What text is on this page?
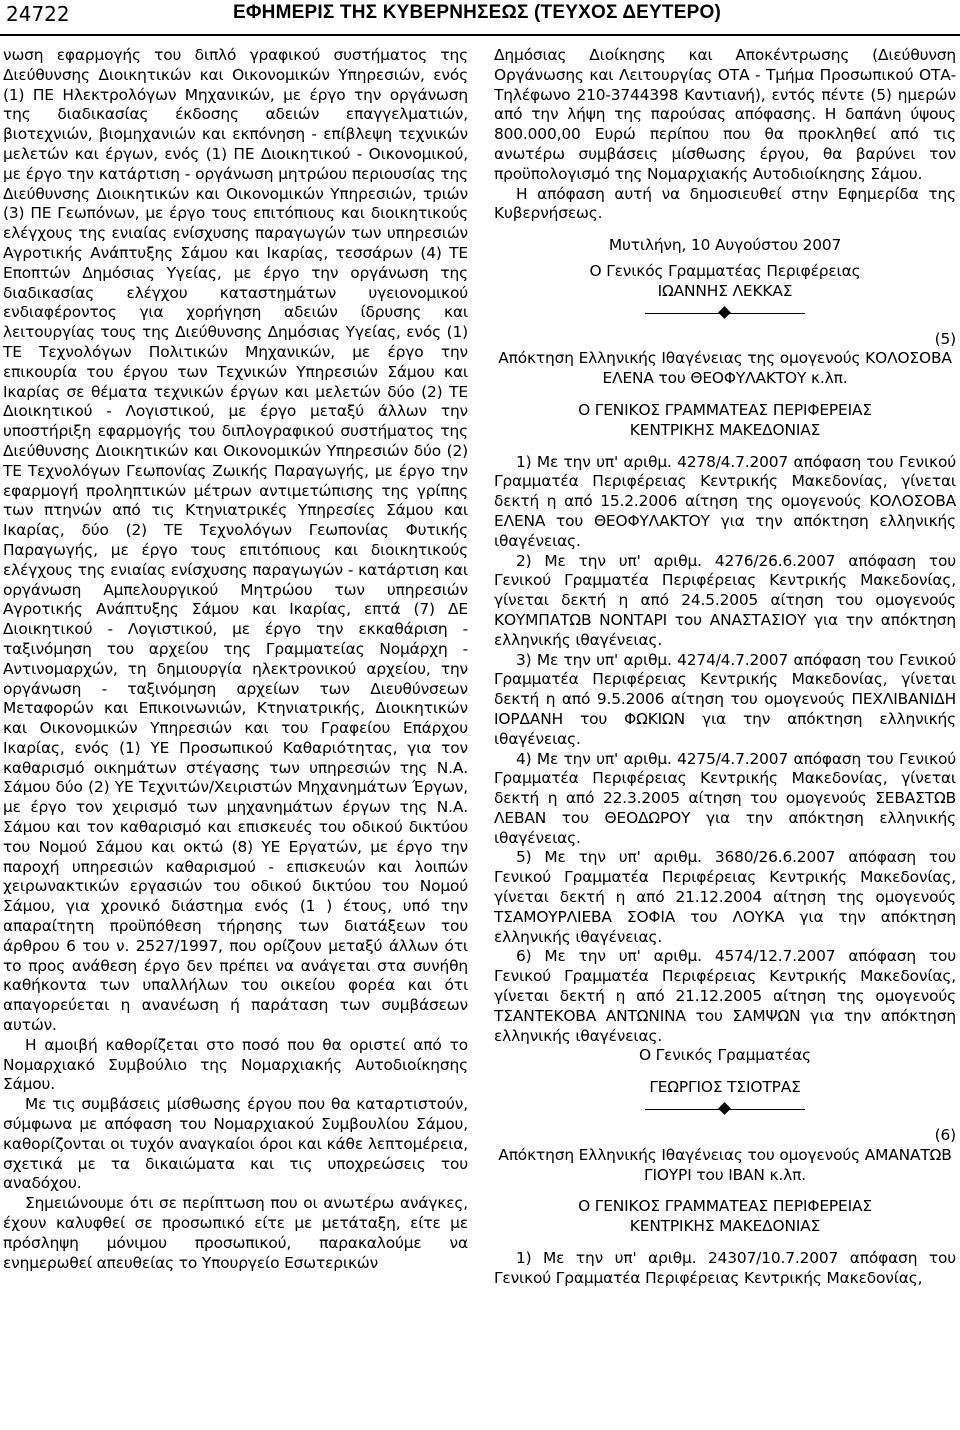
24722	ΕΦΗΜΕΡΙΣ ΤΗΣ ΚΥΒΕΡΝΗΣΕΩΣ (ΤΕΥΧΟΣ ΔΕΥΤΕΡΟ)

νωση εφαρμογής του διπλό γραφικού συστήματος της Διεύθυνσης Διοικητικών και Οικονομικών Υπηρεσιών, ενός (1) ΠΕ Ηλεκτρολόγων Μηχανικών, με έργο την οργάνωση της διαδικασίας έκδοσης αδειών επαγγελματιών, βιοτεχνιών, βιομηχανιών και εκπόνηση - επίβλεψη τεχνικών μελετών και έργων, ενός (1) ΠΕ Διοικητικού - Οικονομικού, με έργο την κατάρτιση - οργάνωση μητρώου περιουσίας της Διεύθυνσης Διοικητικών και Οικονομικών Υπηρεσιών, τριών (3) ΠΕ Γεωπόνων, με έργο τους επιτόπιους και διοικητικούς ελέγχους της ενιαίας ενίσχυσης παραγωγών των υπηρεσιών Αγροτικής Ανάπτυξης Σάμου και Ικαρίας, τεσσάρων (4) ΤΕ Εποπτών Δημόσιας Υγείας, με έργο την οργάνωση της διαδικασίας ελέγχου καταστημάτων υγειονομικού ενδιαφέροντος για χορήγηση αδειών ίδρυσης και λειτουργίας τους της Διεύθυνσης Δημόσιας Υγείας, ενός (1) ΤΕ Τεχνολόγων Πολιτικών Μηχανικών, με έργο την επικουρία του έργου των Τεχνικών Υπηρεσιών Σάμου και Ικαρίας σε θέματα τεχνικών έργων και μελετών δύο (2) ΤΕ Διοικητικού - Λογιστικού, με έργο μεταξύ άλλων την υποστήριξη εφαρμογής του διπλογραφικού συστήματος της Διεύθυνσης Διοικητικών και Οικονομικών Υπηρεσιών δύο (2) ΤΕ Τεχνολόγων Γεωπονίας Ζωικής Παραγωγής, με έργο την εφαρμογή προληπτικών μέτρων αντιμετώπισης της γρίπης των πτηνών από τις Κτηνιατρικές Υπηρεσίες Σάμου και Ικαρίας, δύο (2) ΤΕ Τεχνολόγων Γεωπονίας Φυτικής Παραγωγής, με έργο τους επιτόπιους και διοικητικούς ελέγχους της ενιαίας ενίσχυσης παραγωγών - κατάρτιση και οργάνωση Αμπελουργικού Μητρώου των υπηρεσιών Αγροτικής Ανάπτυξης Σάμου και Ικαρίας, επτά (7) ΔΕ Διοικητικού - Λογιστικού, με έργο την εκκαθάριση - ταξινόμηση του αρχείου της Γραμματείας Νομάρχη - Αντινομαρχών, τη δημιουργία ηλεκτρονικού αρχείου, την οργάνωση - ταξινόμηση αρχείων των Διευθύνσεων Μεταφορών και Επικοινωνιών, Κτηνιατρικής, Διοικητικών και Οικονομικών Υπηρεσιών και του Γραφείου Επάρχου Ικαρίας, ενός (1) ΥΕ Προσωπικού Καθαριότητας, για τον καθαρισμό οικημάτων στέγασης των υπηρεσιών της Ν.Α. Σάμου δύο (2) ΥΕ Τεχνιτών/Χειριστών Μηχανημάτων Έργων, με έργο τον χειρισμό των μηχανημάτων έργων της Ν.Α. Σάμου και τον καθαρισμό και επισκευές του οδικού δικτύου του Νομού Σάμου και οκτώ (8) ΥΕ Εργατών, με έργο την παροχή υπηρεσιών καθαρισμού - επισκευών και λοιπών χειρωνακτικών εργασιών του οδικού δικτύου του Νομού Σάμου, για χρονικό διάστημα ενός (1 ) έτους, υπό την απαραίτητη προϋπόθεση τήρησης των διατάξεων του άρθρου 6 του ν. 2527/1997, που ορίζουν μεταξύ άλλων ότι το προς ανάθεση έργο δεν πρέπει να ανάγεται στα συνήθη καθήκοντα των υπαλλήλων του οικείου φορέα και ότι απαγορεύεται η ανανέωση ή παράταση των συμβάσεων αυτών.

Η αμοιβή καθορίζεται στο ποσό που θα οριστεί από το Νομαρχιακό Συμβούλιο της Νομαρχιακής Αυτοδιοίκησης Σάμου.

Με τις συμβάσεις μίσθωσης έργου που θα καταρτιστούν, σύμφωνα με απόφαση του Νομαρχιακού Συμβουλίου Σάμου, καθορίζονται οι τυχόν αναγκαίοι όροι και κάθε λεπτομέρεια, σχετικά με τα δικαιώματα και τις υποχρεώσεις του αναδόχου.

Σημειώνουμε ότι σε περίπτωση που οι ανωτέρω ανάγκες, έχουν καλυφθεί σε προσωπικό είτε με μετάταξη, είτε με πρόσληψη μόνιμου προσωπικού, παρακαλούμε να ενημερωθεί απευθείας το Υπουργείο Εσωτερικών

Δημόσιας Διοίκησης και Αποκέντρωσης (Διεύθυνση Οργάνωσης και Λειτουργίας ΟΤΑ - Τμήμα Προσωπικού ΟΤΑ- Τηλέφωνο 210-3744398 Καντιανή), εντός πέντε (5) ημερών από την λήψη της παρούσας απόφασης. Η δαπάνη ύψους 800.000,00 Ευρώ περίπου που θα προκληθεί από τις ανωτέρω συμβάσεις μίσθωσης έργου, θα βαρύνει τον προϋπολογισμό της Νομαρχιακής Αυτοδιοίκησης Σάμου.

Η απόφαση αυτή να δημοσιευθεί στην Εφημερίδα της Κυβερνήσεως.

Μυτιλήνη, 10 Αυγούστου 2007

Ο Γενικός Γραμματέας Περιφέρειας

ΙΩΑΝΝΗΣ ΛΕΚΚΑΣ

(5)

Απόκτηση Ελληνικής Ιθαγένειας της ομογενούς ΚΟΛΟΣΟΒΑ ΕΛΕΝΑ του ΘΕΟΦΥΛΑΚΤΟΥ κ.λπ.

Ο ΓΕΝΙΚΟΣ ΓΡΑΜΜΑΤΕΑΣ ΠΕΡΙΦΕΡΕΙΑΣ

ΚΕΝΤΡΙΚΗΣ ΜΑΚΕΔΟΝΙΑΣ

1) Με την υπ' αριθμ. 4278/4.7.2007 απόφαση του Γενικού Γραμματέα Περιφέρειας Κεντρικής Μακεδονίας, γίνεται δεκτή η από 15.2.2006 αίτηση της ομογενούς ΚΟΛΟΣΟΒΑ ΕΛΕΝΑ του ΘΕΟΦΥΛΑΚΤΟΥ για την απόκτηση ελληνικής ιθαγένειας.

2) Με την υπ' αριθμ. 4276/26.6.2007 απόφαση του Γενικού Γραμματέα Περιφέρειας Κεντρικής Μακεδονίας, γίνεται δεκτή η από 24.5.2005 αίτηση του ομογενούς ΚΟΥΜΠΑΤΩΒ ΝΟΝΤΑΡΙ του ΑΝΑΣΤΑΣΙΟΥ για την απόκτηση ελληνικής ιθαγένειας.

3) Με την υπ' αριθμ. 4274/4.7.2007 απόφαση του Γενικού Γραμματέα Περιφέρειας Κεντρικής Μακεδονίας, γίνεται δεκτή η από 9.5.2006 αίτηση του ομογενούς ΠΕΧΛΙΒΑΝΙΔΗ ΙΟΡΔΑΝΗ του ΦΩΚΙΩΝ για την απόκτηση ελληνικής ιθαγένειας.

4) Με την υπ' αριθμ. 4275/4.7.2007 απόφαση του Γενικού Γραμματέα Περιφέρειας Κεντρικής Μακεδονίας, γίνεται δεκτή η από 22.3.2005 αίτηση του ομογενούς ΣΕΒΑΣΤΩΒ ΛΕΒΑΝ του ΘΕΟΔΩΡΟΥ για την απόκτηση ελληνικής ιθαγένειας.

5) Με την υπ' αριθμ. 3680/26.6.2007 απόφαση του Γενικού Γραμματέα Περιφέρειας Κεντρικής Μακεδονίας, γίνεται δεκτή η από 21.12.2004 αίτηση της ομογενούς ΤΣΑΜΟΥΡΛΙΕΒΑ ΣΟΦΙΑ του ΛΟΥΚΑ για την απόκτηση ελληνικής ιθαγένειας.

6) Με την υπ' αριθμ. 4574/12.7.2007 απόφαση του Γενικού Γραμματέα Περιφέρειας Κεντρικής Μακεδονίας, γίνεται δεκτή η από 21.12.2005 αίτηση της ομογενούς ΤΣΑΝΤΕΚΟΒΑ ΑΝΤΩΝΙΝΑ του ΣΑΜΨΩΝ για την απόκτηση ελληνικής ιθαγένειας.

Ο Γενικός Γραμματέας

ΓΕΩΡΓΙΟΣ ΤΣΙΟΤΡΑΣ

(6)

Απόκτηση Ελληνικής Ιθαγένειας του ομογενούς ΑΜΑΝΑΤΩΒ ΓΙΟΥΡΙ του ΙΒΑΝ κ.λπ.

Ο ΓΕΝΙΚΟΣ ΓΡΑΜΜΑΤΕΑΣ ΠΕΡΙΦΕΡΕΙΑΣ

ΚΕΝΤΡΙΚΗΣ ΜΑΚΕΔΟΝΙΑΣ

1) Με την υπ' αριθμ. 24307/10.7.2007 απόφαση του Γενικού Γραμματέα Περιφέρειας Κεντρικής Μακεδονίας,
